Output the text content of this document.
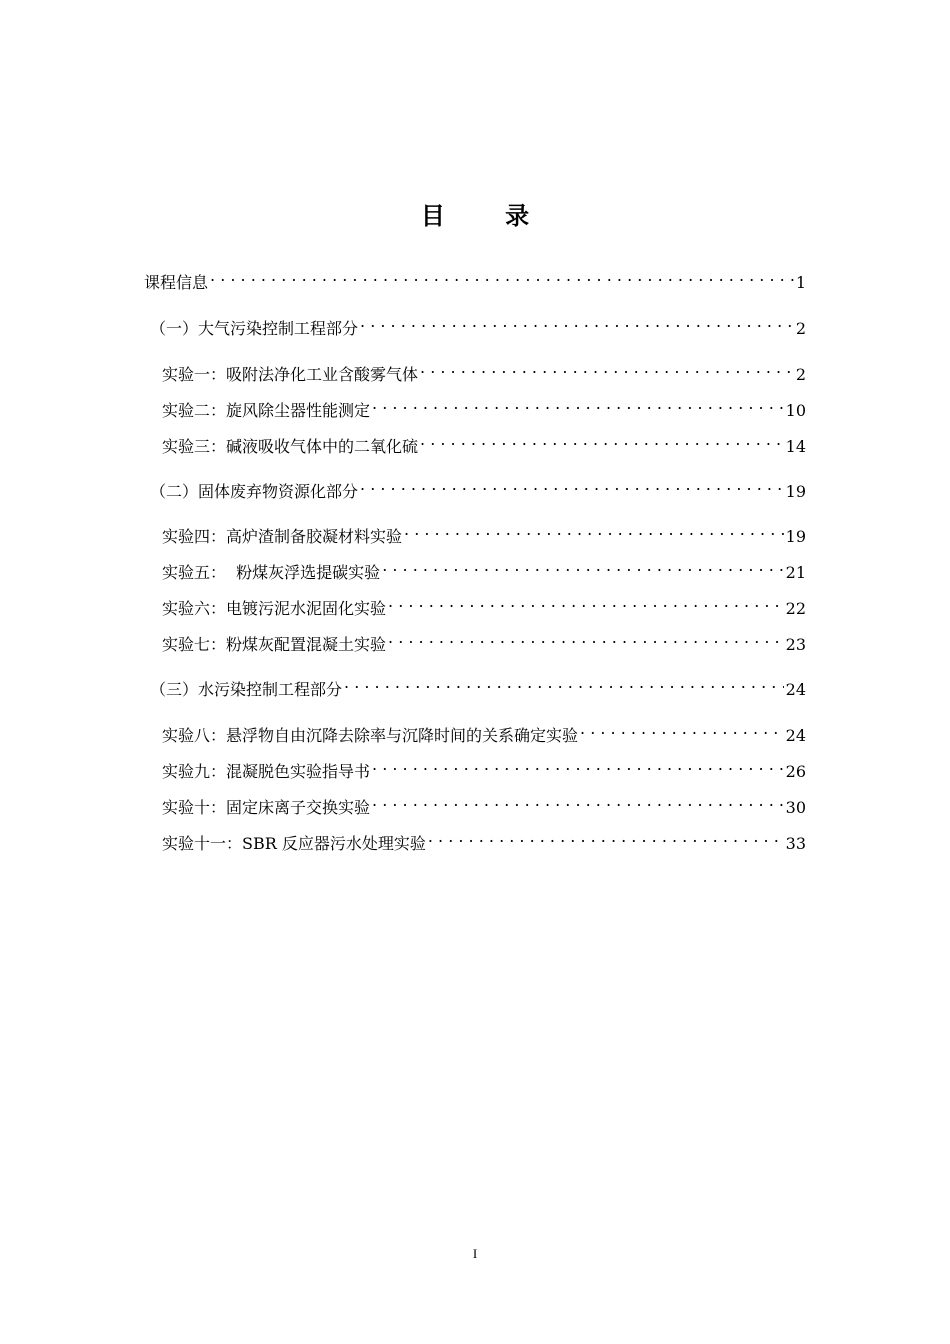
目 录
课程信息 . . .	1
（一）大气污染控制工程部分 . . .	2
实验一：吸附法净化工业含酸雾气体 . . .	2
实验二：旋风除尘器性能测定 . . .	10
实验三：碱液吸收气体中的二氧化硫 . . .	14
（二）固体废弃物资源化部分 . . .	19
实验四：高炉渣制备胶凝材料实验 . . .	19
实验五：  粉煤灰浮选提碳实验 . . .	21
实验六：电镀污泥水泥固化实验 . . .	22
实验七：粉煤灰配置混凝土实验 . . .	23
（三）水污染控制工程部分 . . .	24
实验八：悬浮物自由沉降去除率与沉降时间的关系确定实验 . . .	24
实验九：混凝脱色实验指导书 . . .	26
实验十：固定床离子交换实验 . . .	30
实验十一：SBR 反应器污水处理实验 . . .	33
I
